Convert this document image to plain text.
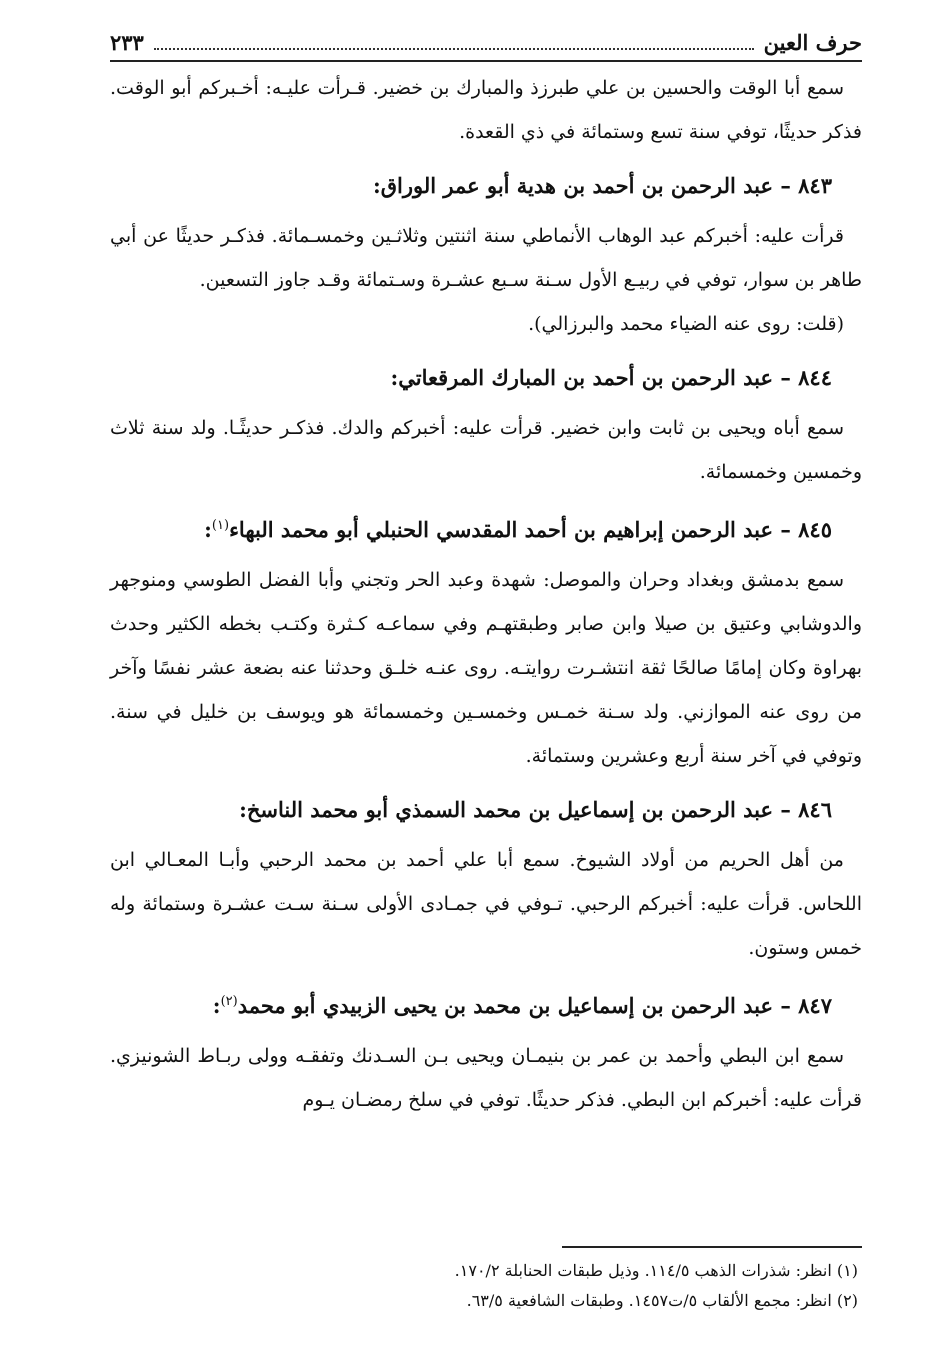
حرف العين
٢٣٣

سمع أبا الوقت والحسين بن علي طبرزذ والمبارك بن خضير. قـرأت عليـه: أخـبركم أبو الوقت. فذكر حديثًا، توفي سنة تسع وستمائة في ذي القعدة.

٨٤٣ – عبد الرحمن بن أحمد بن هدية أبو عمر الوراق:

قرأت عليه: أخبركم عبد الوهاب الأنماطي سنة اثنتين وثلاثـين وخمسـمائة. فذكـر حديثًا عن أبي طاهر بن سوار، توفي في ربيـع الأول سـنة سـبع عشـرة وسـتمائة وقـد جاوز التسعين.

(قلت: روى عنه الضياء محمد والبرزالي).

٨٤٤ – عبد الرحمن بن أحمد بن المبارك المرقعاتي:

سمع أباه ويحيى بن ثابت وابن خضير. قرأت عليه: أخبركم والدك. فذكـر حديثًـا. ولد سنة ثلاث وخمسين وخمسمائة.

٨٤٥ – عبد الرحمن إبراهيم بن أحمد المقدسي الحنبلي أبو محمد البهاء$^{(١)}$:

سمع بدمشق وبغداد وحران والموصل: شهدة وعبد الحر وتجني وأبا الفضل الطوسي ومنوجهر والدوشابي وعتيق بن صيلا وابن صابر وطبقتهـم وفي سماعـه كـثرة وكتـب بخطه الكثير وحدث بهراوة وكان إمامًا صالحًا ثقة انتشـرت روايتـه. روى عنـه خلـق وحدثنا عنه بضعة عشر نفسًا وآخر من روى عنه الموازني. ولد سـنة خمـس وخمسـين وخمسمائة هو ويوسف بن خليل في سنة. وتوفي في آخر سنة أربع وعشرين وستمائة.

٨٤٦ – عبد الرحمن بن إسماعيل بن محمد السمذي أبو محمد الناسخ:

من أهل الحريم من أولاد الشيوخ. سمع أبا علي أحمد بن محمد الرحبي وأبـا المعـالي ابن اللحاس. قرأت عليه: أخبركم الرحبي. تـوفي في جمـادى الأولى سـنة سـت عشـرة وستمائة وله خمس وستون.

٨٤٧ – عبد الرحمن بن إسماعيل بن محمد بن يحيى الزبيدي أبو محمد$^{(٢)}$:

سمع ابن البطي وأحمد بن عمر بن بنيمـان ويحيى بـن السـدنك وتفقـه وولى ربـاط الشونيزي. قرأت عليه: أخبركم ابن البطي. فذكر حديثًا. توفي في سلخ رمضـان يـوم

(١) انظر: شذرات الذهب ١١٤/٥. وذيل طبقات الحنابلة ١٧٠/٢.

(٢) انظر: مجمع الألقاب ٥/ت١٤٥٧. وطبقات الشافعية ٦٣/٥.
